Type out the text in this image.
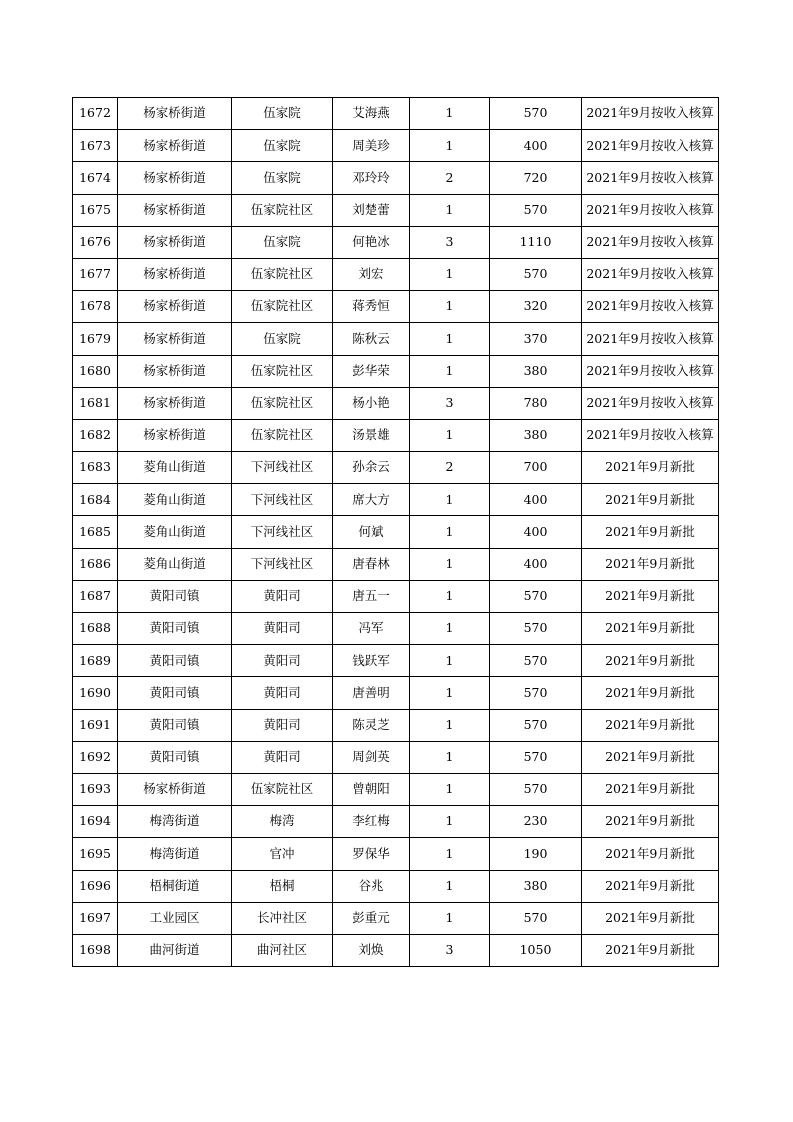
1672	杨家桥街道	伍家院	艾海燕	1	570	2021年9月按收入核算
1673	杨家桥街道	伍家院	周美珍	1	400	2021年9月按收入核算
1674	杨家桥街道	伍家院	邓玲玲	2	720	2021年9月按收入核算
1675	杨家桥街道	伍家院社区	刘楚蕾	1	570	2021年9月按收入核算
1676	杨家桥街道	伍家院	何艳冰	3	1110	2021年9月按收入核算
1677	杨家桥街道	伍家院社区	刘宏	1	570	2021年9月按收入核算
1678	杨家桥街道	伍家院社区	蒋秀恒	1	320	2021年9月按收入核算
1679	杨家桥街道	伍家院	陈秋云	1	370	2021年9月按收入核算
1680	杨家桥街道	伍家院社区	彭华荣	1	380	2021年9月按收入核算
1681	杨家桥街道	伍家院社区	杨小艳	3	780	2021年9月按收入核算
1682	杨家桥街道	伍家院社区	汤景雄	1	380	2021年9月按收入核算
1683	菱角山街道	下河线社区	孙余云	2	700	2021年9月新批
1684	菱角山街道	下河线社区	席大方	1	400	2021年9月新批
1685	菱角山街道	下河线社区	何斌	1	400	2021年9月新批
1686	菱角山街道	下河线社区	唐春林	1	400	2021年9月新批
1687	黄阳司镇	黄阳司	唐五一	1	570	2021年9月新批
1688	黄阳司镇	黄阳司	冯军	1	570	2021年9月新批
1689	黄阳司镇	黄阳司	钱跃军	1	570	2021年9月新批
1690	黄阳司镇	黄阳司	唐善明	1	570	2021年9月新批
1691	黄阳司镇	黄阳司	陈灵芝	1	570	2021年9月新批
1692	黄阳司镇	黄阳司	周剑英	1	570	2021年9月新批
1693	杨家桥街道	伍家院社区	曾朝阳	1	570	2021年9月新批
1694	梅湾街道	梅湾	李红梅	1	230	2021年9月新批
1695	梅湾街道	官冲	罗保华	1	190	2021年9月新批
1696	梧桐街道	梧桐	谷兆	1	380	2021年9月新批
1697	工业园区	长冲社区	彭重元	1	570	2021年9月新批
1698	曲河街道	曲河社区	刘焕	3	1050	2021年9月新批
